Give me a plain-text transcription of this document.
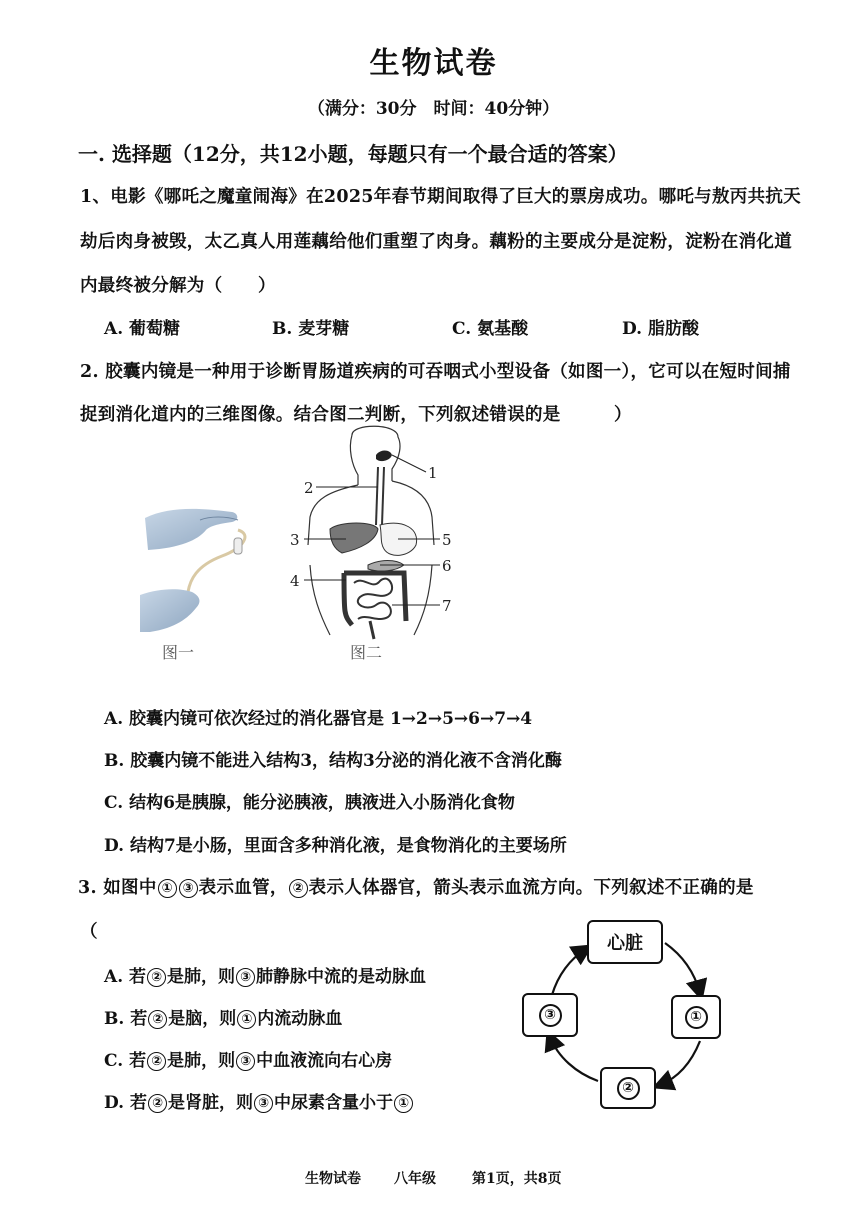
生物试卷
（满分：30分　时间：40分钟）
一. 选择题（12分，共12小题，每题只有一个最合适的答案）
1、电影《哪吒之魔童闹海》在2025年春节期间取得了巨大的票房成功。哪吒与敖丙共抗天
劫后肉身被毁，太乙真人用莲藕给他们重塑了肉身。藕粉的主要成分是淀粉，淀粉在消化道
内最终被分解为（　　）
A. 葡萄糖	B. 麦芽糖	C. 氨基酸	D. 脂肪酸
2. 胶囊内镜是一种用于诊断胃肠道疾病的可吞咽式小型设备（如图一），它可以在短时间捕
捉到消化道内的三维图像。结合图二判断，下列叙述错误的是　　　）
图一
1
2
3	5
6
4
7
图二
A. 胶囊内镜可依次经过的消化器官是 1→2→5→6→7→4
B. 胶囊内镜不能进入结构3，结构3分泌的消化液不含消化酶
C. 结构6是胰腺，能分泌胰液，胰液进入小肠消化食物
D. 结构7是小肠，里面含多种消化液，是食物消化的主要场所
3. 如图中 ① ③ 表示血管， ② 表示人体器官，箭头表示血流方向。下列叙述不正确的是
（
A. 若 ② 是肺，则 ③ 肺静脉中流的是动脉血
B. 若 ② 是脑，则 ① 内流动脉血
C. 若 ② 是肺，则 ③ 中血液流向右心房
D. 若 ② 是肾脏，则 ③ 中尿素含量小于 ①
心脏
①
②
③
生物试卷 八年级	第1页，共8页
